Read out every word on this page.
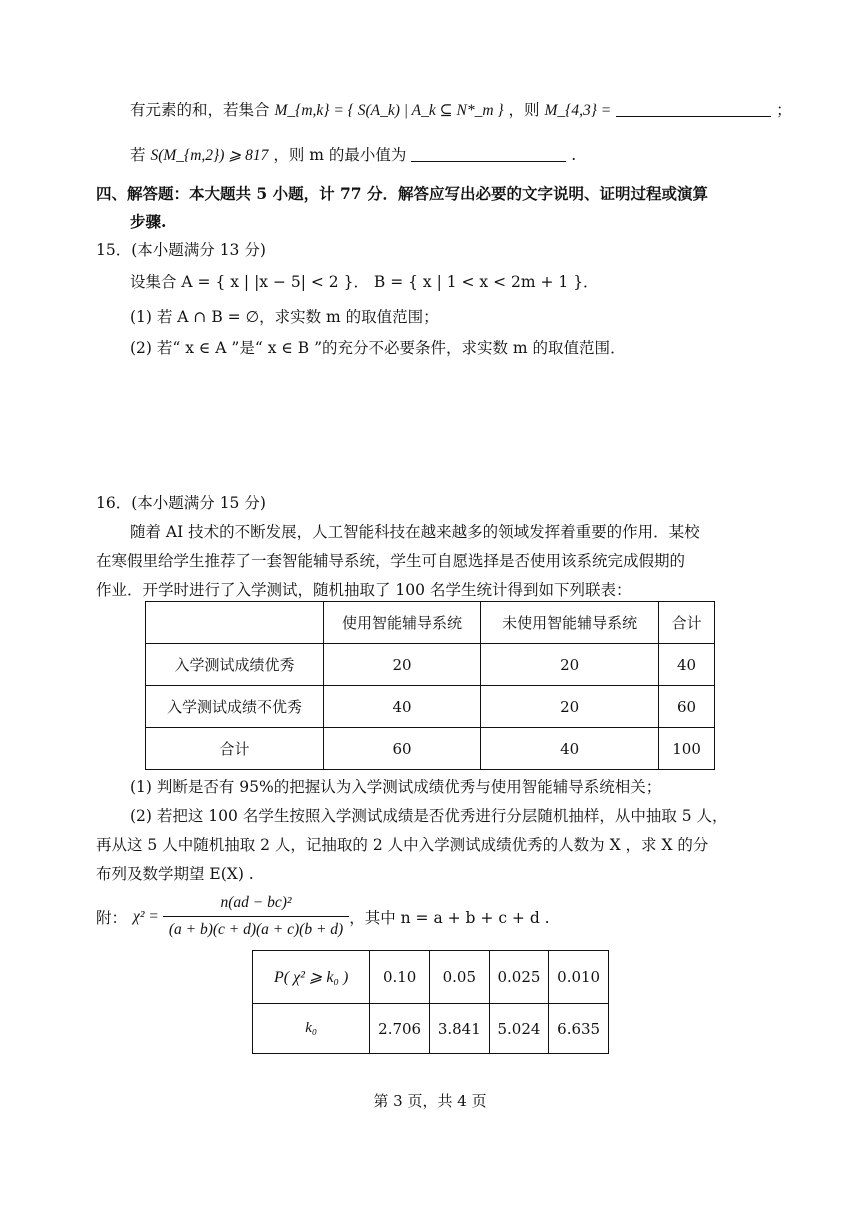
有元素的和，若集合 M_{m,k} = { S(A_k) | A_k ⊆ N*_m } ，则 M_{4,3} =	；
若 S(M_{m,2}) ⩾ 817 ，则 m 的最小值为	.
四、解答题：本大题共 5 小题，计 77 分．解答应写出必要的文字说明、证明过程或演算
步骤.
15．(本小题满分 13 分)
设集合 A = { x | |x − 5| < 2 }． B = { x | 1 < x < 2m + 1 }．
(1) 若 A ∩ B = ∅，求实数 m 的取值范围；
(2) 若“ x ∈ A ”是“ x ∈ B ”的充分不必要条件，求实数 m 的取值范围．
16．(本小题满分 15 分)
随着 AI 技术的不断发展，人工智能科技在越来越多的领域发挥着重要的作用．某校
在寒假里给学生推荐了一套智能辅导系统，学生可自愿选择是否使用该系统完成假期的
作业．开学时进行了入学测试，随机抽取了 100 名学生统计得到如下列联表：
	使用智能辅导系统	未使用智能辅导系统	合计
入学测试成绩优秀	20	20	40
入学测试成绩不优秀	40	20	60
合计	60	40	100
(1) 判断是否有 95%的把握认为入学测试成绩优秀与使用智能辅导系统相关；
(2) 若把这 100 名学生按照入学测试成绩是否优秀进行分层随机抽样，从中抽取 5 人，
再从这 5 人中随机抽取 2 人，记抽取的 2 人中入学测试成绩优秀的人数为 X ，求 X 的分
布列及数学期望 E(X) .
附： $\chi^2 = \frac{\text{n(ad − bc)²}}{(a + b)(c + d)(a + c)(b + d)}$ ，其中 n = a + b + c + d .
P( χ² ⩾ k₀ )	0.10	0.05	0.025	0.010
k₀	2.706	3.841	5.024	6.635
第 3 页，共 4 页
